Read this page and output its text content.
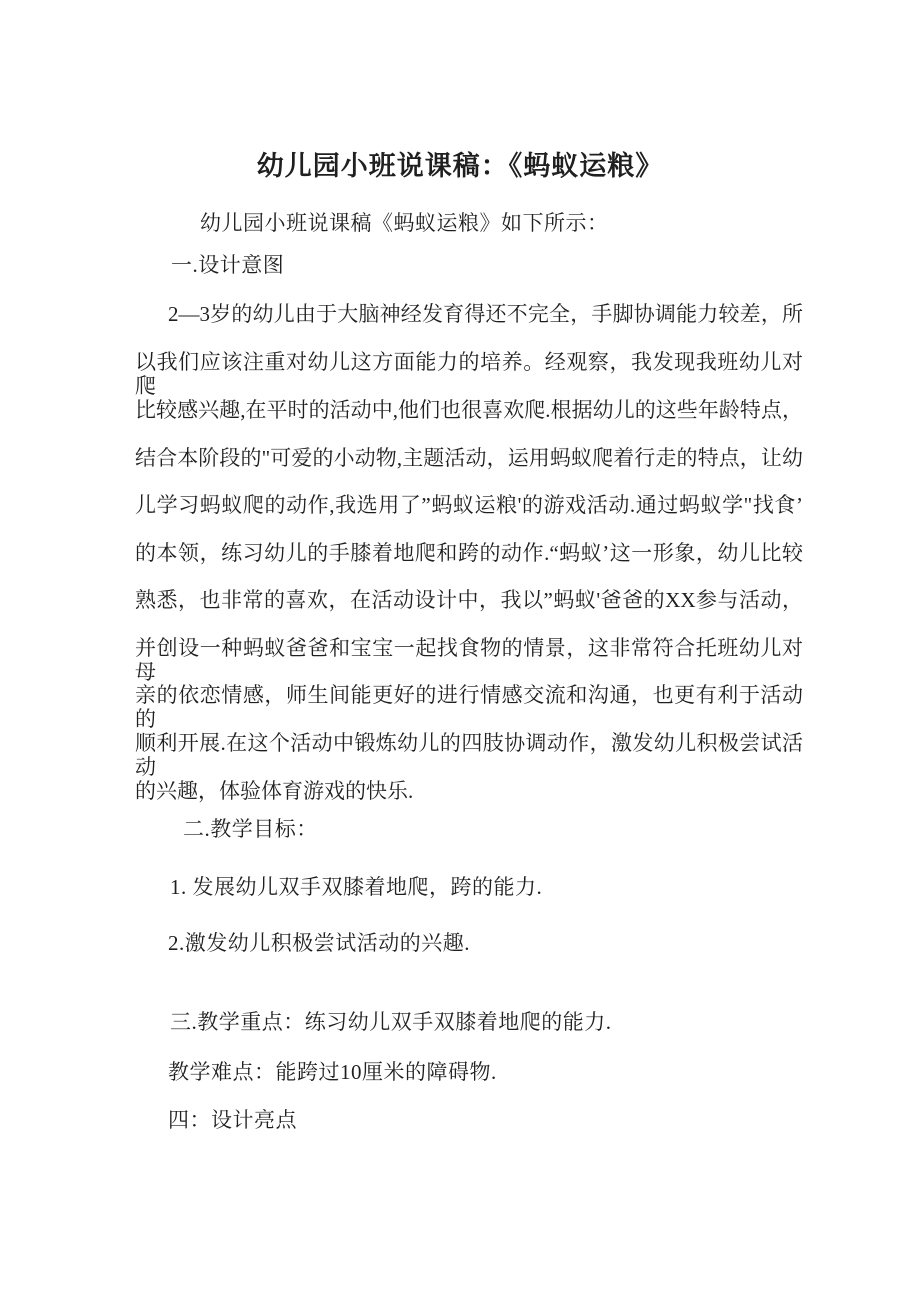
幼儿园小班说课稿：《蚂蚁运粮》
幼儿园小班说课稿《蚂蚁运粮》如下所示：
一.设计意图
2—3岁的幼儿由于大脑神经发育得还不完全，手脚协调能力较差，所
以我们应该注重对幼儿这方面能力的培养。经观察，我发现我班幼儿对爬
比较感兴趣,在平时的活动中,他们也很喜欢爬.根据幼儿的这些年龄特点，
结合本阶段的"可爱的小动物,主题活动，运用蚂蚁爬着行走的特点，让幼
儿学习蚂蚁爬的动作,我选用了”蚂蚁运粮'的游戏活动.通过蚂蚁学"找食’
的本领，练习幼儿的手膝着地爬和跨的动作.“蚂蚁’这一形象，幼儿比较
熟悉，也非常的喜欢，在活动设计中，我以”蚂蚁'爸爸的XX参与活动，
并创设一种蚂蚁爸爸和宝宝一起找食物的情景，这非常符合托班幼儿对母
亲的依恋情感，师生间能更好的进行情感交流和沟通，也更有利于活动的
顺利开展.在这个活动中锻炼幼儿的四肢协调动作，激发幼儿积极尝试活动
的兴趣，体验体育游戏的快乐.
二.教学目标：
1. 发展幼儿双手双膝着地爬，跨的能力.
2.激发幼儿积极尝试活动的兴趣.
三.教学重点：练习幼儿双手双膝着地爬的能力.
教学难点：能跨过10厘米的障碍物.
四：设计亮点
